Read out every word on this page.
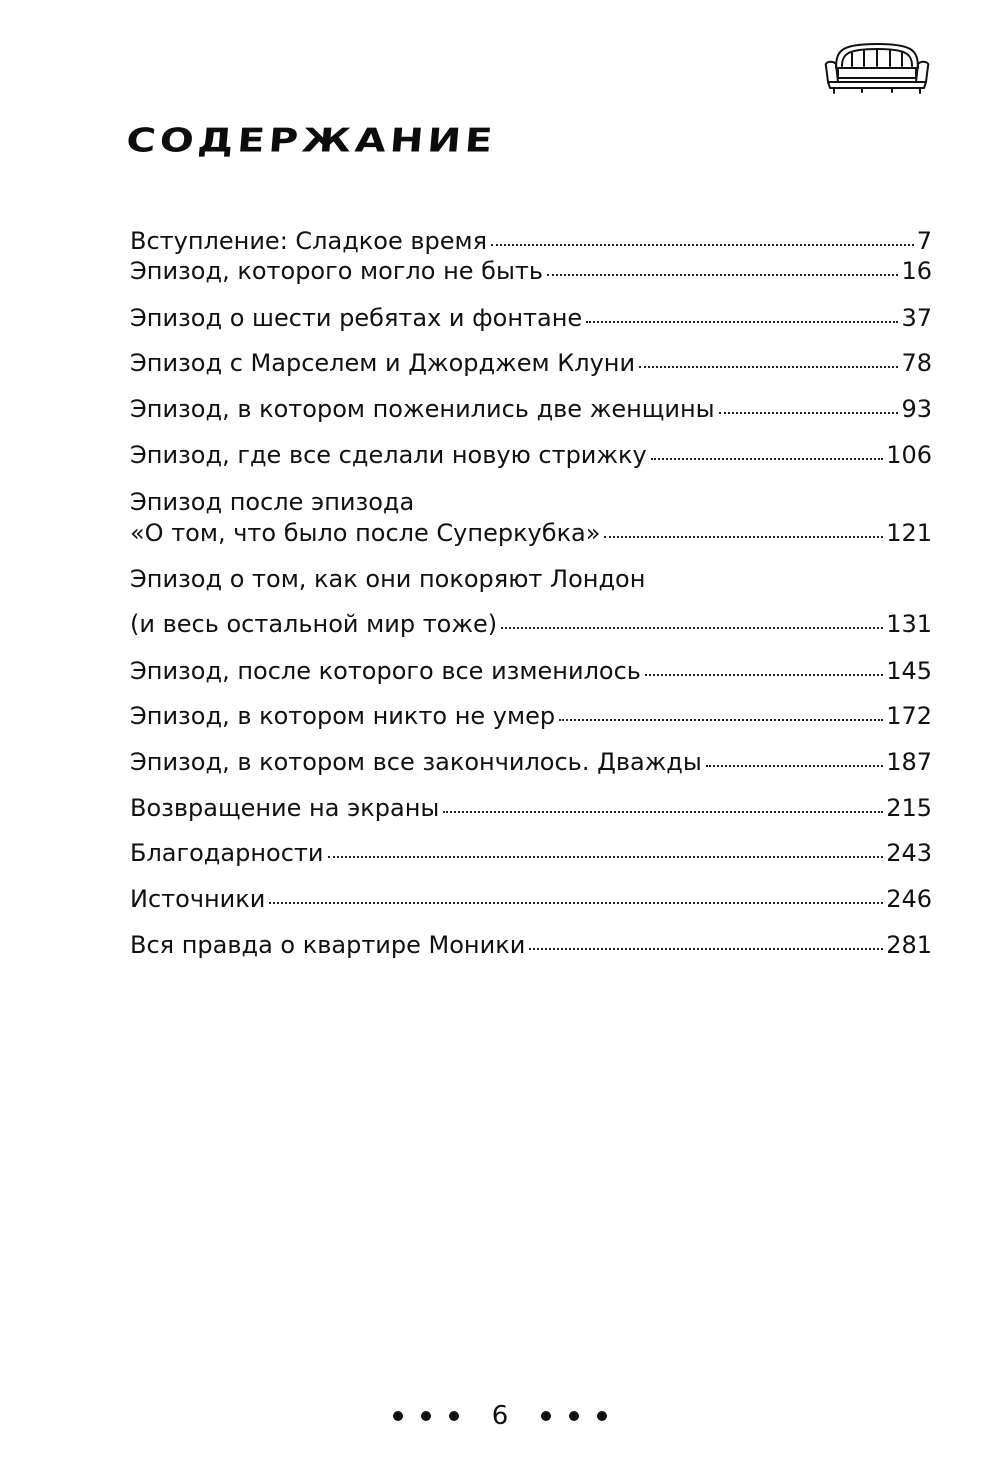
СОДЕРЖАНИЕ
Вступление: Сладкое время	7
Эпизод, которого могло не быть	16
Эпизод о шести ребятах и фонтане	37
Эпизод с Марселем и Джорджем Клуни	78
Эпизод, в котором поженились две женщины	93
Эпизод, где все сделали новую стрижку	106
Эпизод после эпизода
«О том, что было после Суперкубка»	121
Эпизод о том, как они покоряют Лондон
(и весь остальной мир тоже)	131
Эпизод, после которого все изменилось	145
Эпизод, в котором никто не умер	172
Эпизод, в котором все закончилось. Дважды	187
Возвращение на экраны	215
Благодарности	243
Источники	246
Вся правда о квартире Моники	281
6
